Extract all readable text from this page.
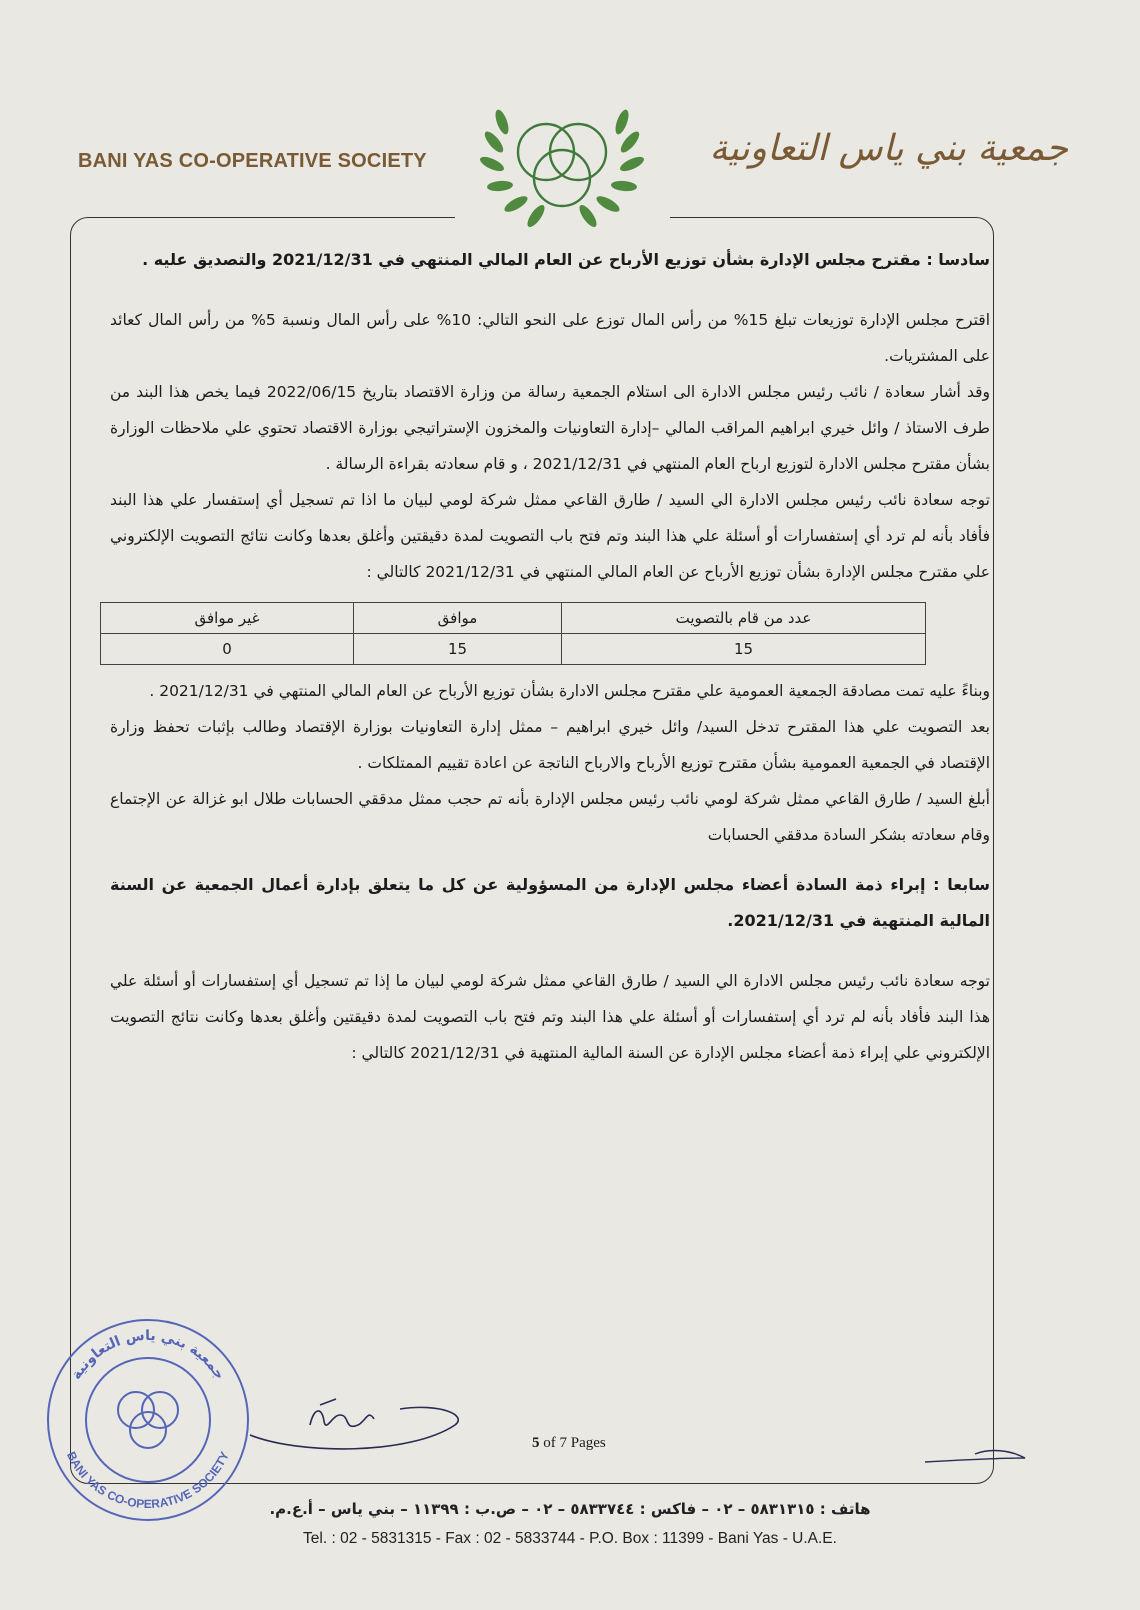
BANI YAS CO-OPERATIVE SOCIETY	جمعية بني ياس التعاونية

سادسا : مقترح مجلس الإدارة بشأن توزيع الأرباح عن العام المالي المنتهي في 2021/12/31 والتصديق عليه .

اقترح مجلس الإدارة توزيعات تبلغ 15% من رأس المال توزع على النحو التالي: 10% على رأس المال ونسبة 5% من رأس المال كعائد على المشتريات.

وقد أشار سعادة / نائب رئيس مجلس الادارة الى استلام الجمعية رسالة من وزارة الاقتصاد بتاريخ 2022/06/15 فيما يخص هذا البند من طرف الاستاذ / وائل خيري ابراهيم المراقب المالي –إدارة التعاونيات والمخزون الإستراتيجي بوزارة الاقتصاد تحتوي علي ملاحظات الوزارة بشأن مقترح مجلس الادارة لتوزيع ارباح العام المنتهي في 2021/12/31 ، و قام سعادته بقراءة الرسالة .

توجه سعادة نائب رئيس مجلس الادارة الي السيد / طارق القاعي ممثل شركة لومي لبيان ما اذا تم تسجيل أي إستفسار علي هذا البند فأفاد بأنه لم ترد أي إستفسارات أو أسئلة علي هذا البند وتم فتح باب التصويت لمدة دقيقتين وأغلق بعدها وكانت نتائج التصويت الإلكتروني علي مقترح مجلس الإدارة بشأن توزيع الأرباح عن العام المالي المنتهي في 2021/12/31 كالتالي :

عدد من قام بالتصويت	موافق	غير موافق
15	15	0

وبناءً عليه تمت مصادقة الجمعية العمومية علي مقترح مجلس الادارة بشأن توزيع الأرباح عن العام المالي المنتهي في 2021/12/31 .

بعد التصويت علي هذا المقترح تدخل السيد/ وائل خيري ابراهيم – ممثل إدارة التعاونيات بوزارة الإقتصاد وطالب بإثبات تحفظ وزارة الإقتصاد في الجمعية العمومية بشأن مقترح توزيع الأرباح والارباح الناتجة عن اعادة تقييم الممتلكات .

أبلغ السيد / طارق القاعي ممثل شركة لومي نائب رئيس مجلس الإدارة بأنه تم حجب ممثل مدققي الحسابات طلال ابو غزالة عن الإجتماع وقام سعادته بشكر السادة مدققي الحسابات

سابعا : إبراء ذمة السادة أعضاء مجلس الإدارة من المسؤولية عن كل ما يتعلق بإدارة أعمال الجمعية عن السنة المالية المنتهية في 2021/12/31.

توجه سعادة نائب رئيس مجلس الادارة الي السيد / طارق القاعي ممثل شركة لومي لبيان ما إذا تم تسجيل أي إستفسارات أو أسئلة علي هذا البند فأفاد بأنه لم ترد أي إستفسارات أو أسئلة علي هذا البند وتم فتح باب التصويت لمدة دقيقتين وأغلق بعدها وكانت نتائج التصويت الإلكتروني علي إبراء ذمة أعضاء مجلس الإدارة عن السنة المالية المنتهية في 2021/12/31 كالتالي :

جمعية بني ياس التعاونية
BANI YAS CO-OPERATIVE SOCIETY
5 of 7 Pages
هاتف : ٥٨٣١٣١٥ – ٠٢ – فاكس : ٥٨٣٣٧٤٤ – ٠٢ – ص.ب : ١١٣٩٩ – بني ياس – أ.ع.م.
Tel. : 02 - 5831315 - Fax : 02 - 5833744 - P.O. Box : 11399 - Bani Yas - U.A.E.
